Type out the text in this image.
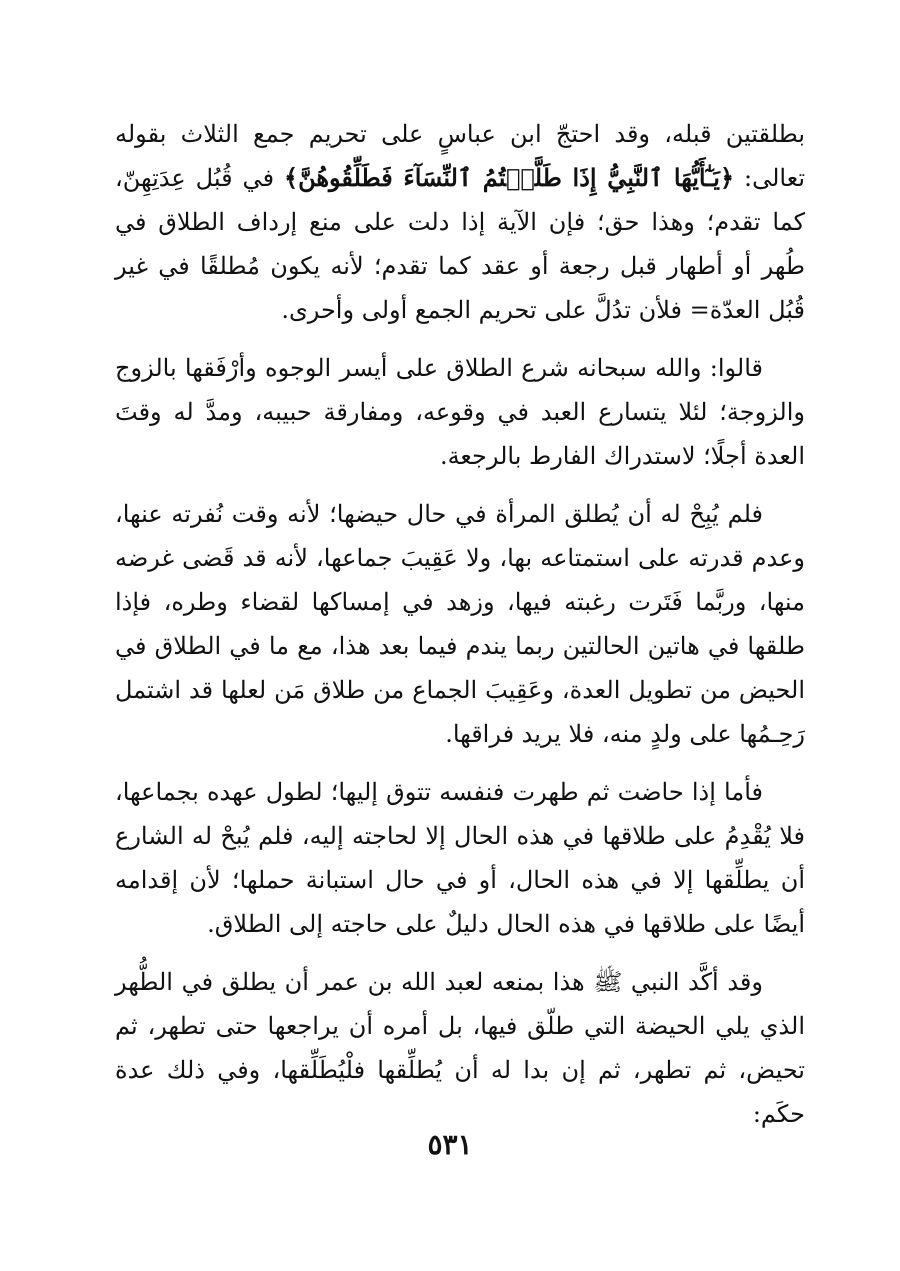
بطلقتين قبله، وقد احتجّ ابن عباسٍ على تحريم جمع الثلاث بقوله تعالى: ﴿يَـٰٓأَيُّهَا ٱلنَّبِيُّ إِذَا طَلَّقۡتُمُ ٱلنِّسَآءَ فَطَلِّقُوهُنَّ﴾ في قُبُل عِدَتِهِنّ، كما تقدم؛ وهذا حق؛ فإن الآية إذا دلت على منع إرداف الطلاق في طُهر أو أطهار قبل رجعة أو عقد كما تقدم؛ لأنه يكون مُطلقًا في غير قُبُل العدّة= فلأن تدُلَّ على تحريم الجمع أولى وأحرى.

قالوا: والله سبحانه شرع الطلاق على أيسر الوجوه وأرْفَقها بالزوج والزوجة؛ لئلا يتسارع العبد في وقوعه، ومفارقة حبيبه، ومدَّ له وقتَ العدة أجلًا؛ لاستدراك الفارط بالرجعة.

فلم يُبِحْ له أن يُطلق المرأة في حال حيضها؛ لأنه وقت نُفرته عنها، وعدم قدرته على استمتاعه بها، ولا عَقِيبَ جماعها، لأنه قد قَضى غرضه منها، وربَّما فَتَرت رغبته فيها، وزهد في إمساكها لقضاء وطره، فإذا طلقها في هاتين الحالتين ربما يندم فيما بعد هذا، مع ما في الطلاق في الحيض من تطويل العدة، وعَقِيبَ الجماع من طلاق مَن لعلها قد اشتمل رَحِـمُها على ولدٍ منه، فلا يريد فراقها.

فأما إذا حاضت ثم طهرت فنفسه تتوق إليها؛ لطول عهده بجماعها، فلا يُقْدِمُ على طلاقها في هذه الحال إلا لحاجته إليه، فلم يُبحْ له الشارع أن يطلِّقها إلا في هذه الحال، أو في حال استبانة حملها؛ لأن إقدامه أيضًا على طلاقها في هذه الحال دليلٌ على حاجته إلى الطلاق.

وقد أكَّد النبي ﷺ هذا بمنعه لعبد الله بن عمر أن يطلق في الطُّهر الذي يلي الحيضة التي طلّق فيها، بل أمره أن يراجعها حتى تطهر، ثم تحيض، ثم تطهر، ثم إن بدا له أن يُطلِّقها فلْيُطَلِّقها، وفي ذلك عدة حكَم:

٥٣١
